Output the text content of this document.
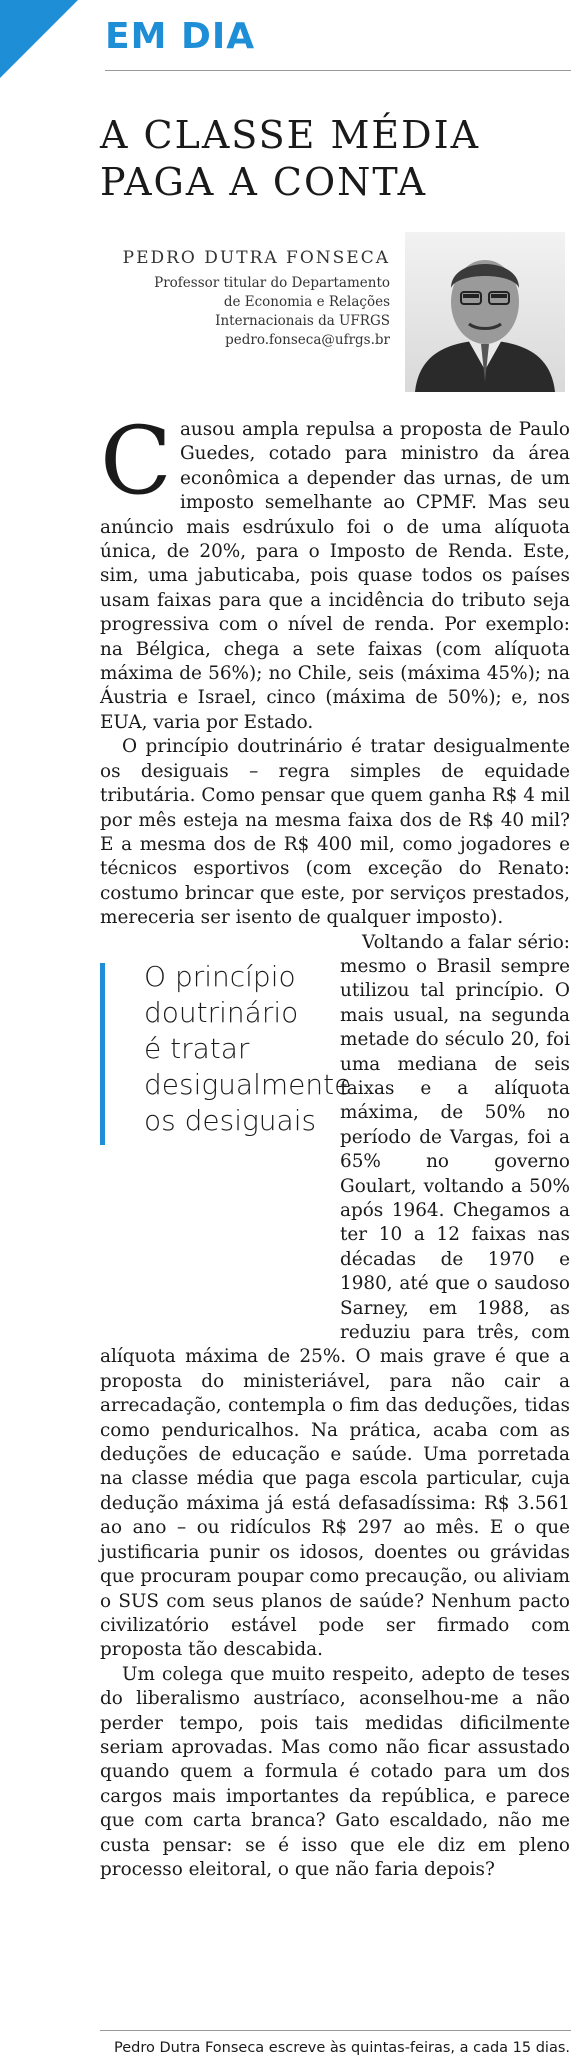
EM DIA
A CLASSE MÉDIA
PAGA A CONTA

PEDRO DUTRA FONSECA

Professor titular do Departamento
de Economia e Relações
Internacionais da UFRGS
pedro.fonseca@ufrgs.br

Causou ampla repulsa a proposta de Paulo Guedes, cotado para ministro da área econômica a depender das urnas, de um imposto semelhante ao CPMF. Mas seu anúncio mais esdrúxulo foi o de uma alíquota única, de 20%, para o Imposto de Renda. Este, sim, uma jabuticaba, pois quase todos os países usam faixas para que a incidência do tributo seja progressiva com o nível de renda. Por exemplo: na Bélgica, chega a sete faixas (com alíquota máxima de 56%); no Chile, seis (máxima 45%); na Áustria e Israel, cinco (máxima de 50%); e, nos EUA, varia por Estado.

O princípio doutrinário é tratar desigualmente os desiguais – regra simples de equidade tributária. Como pensar que quem ganha R$ 4 mil por mês esteja na mesma faixa dos de R$ 40 mil? E a mesma dos de R$ 400 mil, como jogadores e técnicos esportivos (com exceção do Renato: costumo brincar que este, por serviços prestados, mereceria ser isento de qualquer imposto).

O princípio
doutrinário
é tratar
desigualmente
os desiguais
Voltando a falar sério: mesmo o Brasil sempre utilizou tal princípio. O mais usual, na segunda metade do século 20, foi uma mediana de seis faixas e a alíquota máxima, de 50% no período de Vargas, foi a 65% no governo Goulart, voltando a 50% após 1964. Chegamos a ter 10 a 12 faixas nas décadas de 1970 e 1980, até que o saudoso Sarney, em 1988, as reduziu para três, com alíquota máxima de 25%. O mais grave é que a proposta do ministeriável, para não cair a arrecadação, contempla o fim das deduções, tidas como penduricalhos. Na prática, acaba com as deduções de educação e saúde. Uma porretada na classe média que paga escola particular, cuja dedução máxima já está defasadíssima: R$ 3.561 ao ano – ou ridículos R$ 297 ao mês. E o que justificaria punir os idosos, doentes ou grávidas que procuram poupar como precaução, ou aliviam o SUS com seus planos de saúde? Nenhum pacto civilizatório estável pode ser firmado com proposta tão descabida.

Um colega que muito respeito, adepto de teses do liberalismo austríaco, aconselhou-me a não perder tempo, pois tais medidas dificilmente seriam aprovadas. Mas como não ficar assustado quando quem a formula é cotado para um dos cargos mais importantes da república, e parece que com carta branca? Gato escaldado, não me custa pensar: se é isso que ele diz em pleno processo eleitoral, o que não faria depois?

Pedro Dutra Fonseca escreve às quintas-feiras, a cada 15 dias.
